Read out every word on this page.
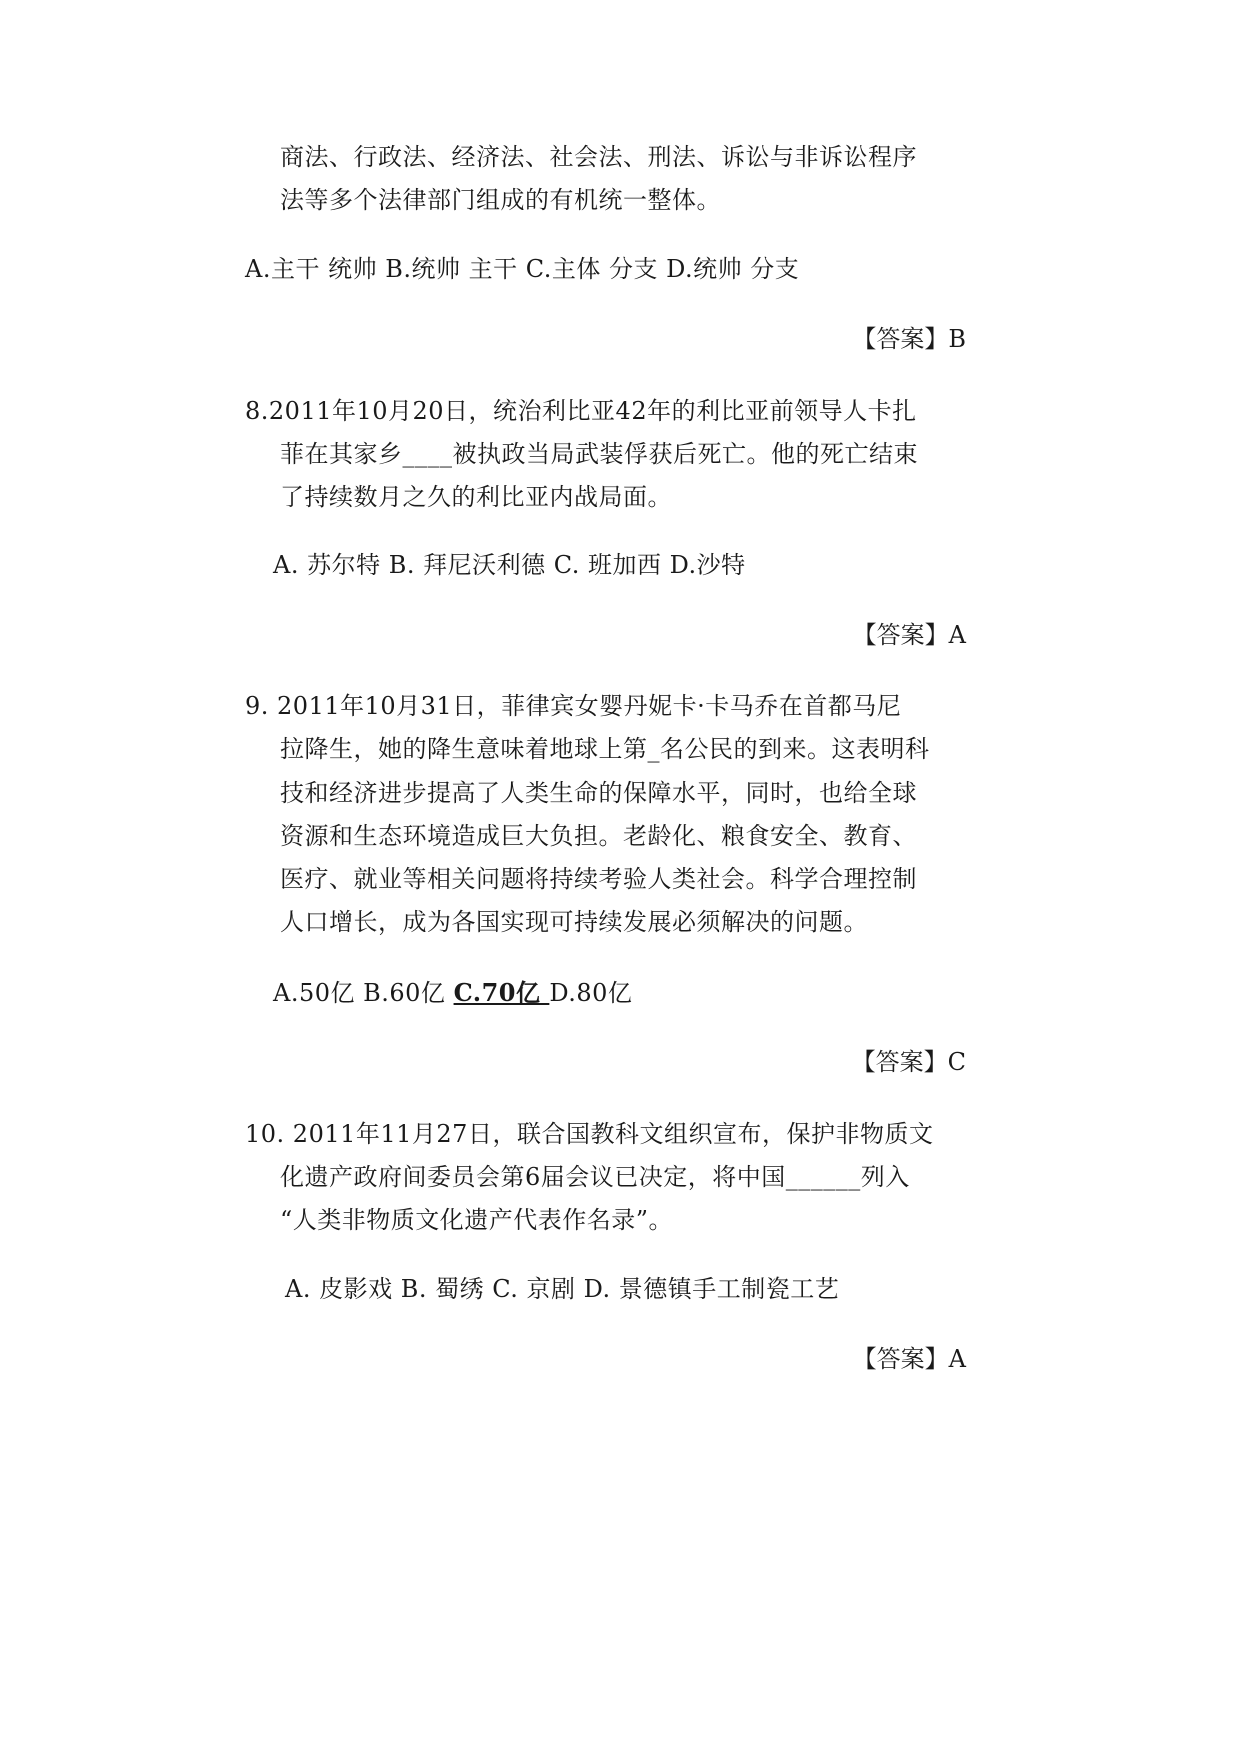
商法、行政法、经济法、社会法、刑法、诉讼与非诉讼程序
法等多个法律部门组成的有机统一整体。
A.主干 统帅 B.统帅 主干 C.主体 分支 D.统帅 分支
【答案】B
8.2011年10月20日，统治利比亚42年的利比亚前领导人卡扎
菲在其家乡____被执政当局武装俘获后死亡。他的死亡结束
了持续数月之久的利比亚内战局面。
A. 苏尔特 B. 拜尼沃利德 C. 班加西 D.沙特
【答案】A
9. 2011年10月31日，菲律宾女婴丹妮卡·卡马乔在首都马尼
拉降生，她的降生意味着地球上第_名公民的到来。这表明科
技和经济进步提高了人类生命的保障水平，同时，也给全球
资源和生态环境造成巨大负担。老龄化、粮食安全、教育、
医疗、就业等相关问题将持续考验人类社会。科学合理控制
人口增长，成为各国实现可持续发展必须解决的问题。
A.50亿 B.60亿 C.70亿 D.80亿
【答案】C
10. 2011年11月27日，联合国教科文组织宣布，保护非物质文
化遗产政府间委员会第6届会议已决定，将中国______列入
“人类非物质文化遗产代表作名录”。
A. 皮影戏 B. 蜀绣 C. 京剧 D. 景德镇手工制瓷工艺
【答案】A
